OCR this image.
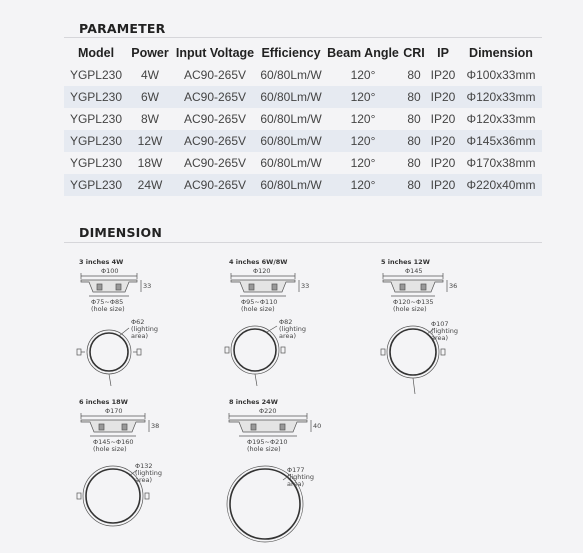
PARAMETER
Model	Power	Input Voltage	Efficiency	Beam Angle	CRI	IP	Dimension
YGPL230	4W	AC90-265V	60/80Lm/W	120°	80	IP20	Φ100x33mm
YGPL230	6W	AC90-265V	60/80Lm/W	120°	80	IP20	Φ120x33mm
YGPL230	8W	AC90-265V	60/80Lm/W	120°	80	IP20	Φ120x33mm
YGPL230	12W	AC90-265V	60/80Lm/W	120°	80	IP20	Φ145x36mm
YGPL230	18W	AC90-265V	60/80Lm/W	120°	80	IP20	Φ170x38mm
YGPL230	24W	AC90-265V	60/80Lm/W	120°	80	IP20	Φ220x40mm
DIMENSION
3 inches 4W
Φ100
33
Φ75~Φ85
(hole size)
Φ62
(lighting
area)
4 inches 6W/8W
Φ120
33
Φ95~Φ110
(hole size)
Φ82
(lighting
area)
5 inches 12W
Φ145
36
Φ120~Φ135
(hole size)
Φ107
(lighting
area)
6 inches 18W
Φ170
38
Φ145~Φ160
(hole size)
Φ132
(lighting
area)
8 inches 24W
Φ220
40
Φ195~Φ210
(hole size)
Φ177
(lighting
area)
